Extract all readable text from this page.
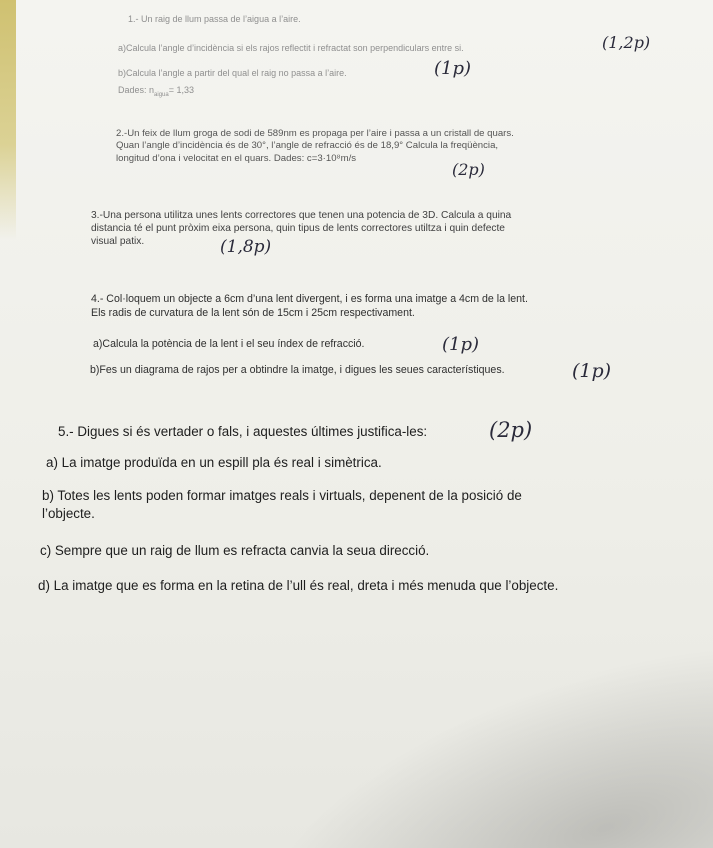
1.- Un raig de llum passa de l’aigua a l’aire.
a)Calcula l’angle d’incidència si els rajos reflectit i refractat son perpendiculars entre si.	(1,2p)
b)Calcula l’angle a partir del qual el raig no passa a l’aire.	(1p)
Dades: $n_{aigua}= 1,33$
2.-Un feix de llum groga de sodi de 589nm es propaga per l’aire i passa a un cristall de quars.
Quan l’angle d’incidència és de 30°, l’angle de refracció és de 18,9° Calcula la freqüència,
longitud d’ona i velocitat en el quars. Dades: c=3·10⁸m/s
(2p)
3.-Una persona utilitza unes lents correctores que tenen una potencia de 3D. Calcula a quina
distancia té el punt pròxim eixa persona, quin tipus de lents correctores utiltza i quin defecte
visual patix.	(1,8p)
4.- Col·loquem un objecte a 6cm d’una lent divergent, i es forma una imatge a 4cm de la lent.
Els radis de curvatura de la lent són de 15cm i 25cm respectivament.
a)Calcula la potència de la lent i el seu índex de refracció.	(1p)
b)Fes un diagrama de rajos per a obtindre la imatge, i digues les seues característiques.	(1p)
5.- Digues si és vertader o fals, i aquestes últimes justifica-les:	(2p)
a) La imatge produïda en un espill pla és real i simètrica.
b) Totes les lents poden formar imatges reals i virtuals, depenent de la posició de
l’objecte.
c) Sempre que un raig de llum es refracta canvia la seua direcció.
d) La imatge que es forma en la retina de l’ull és real, dreta i més menuda que l’objecte.
